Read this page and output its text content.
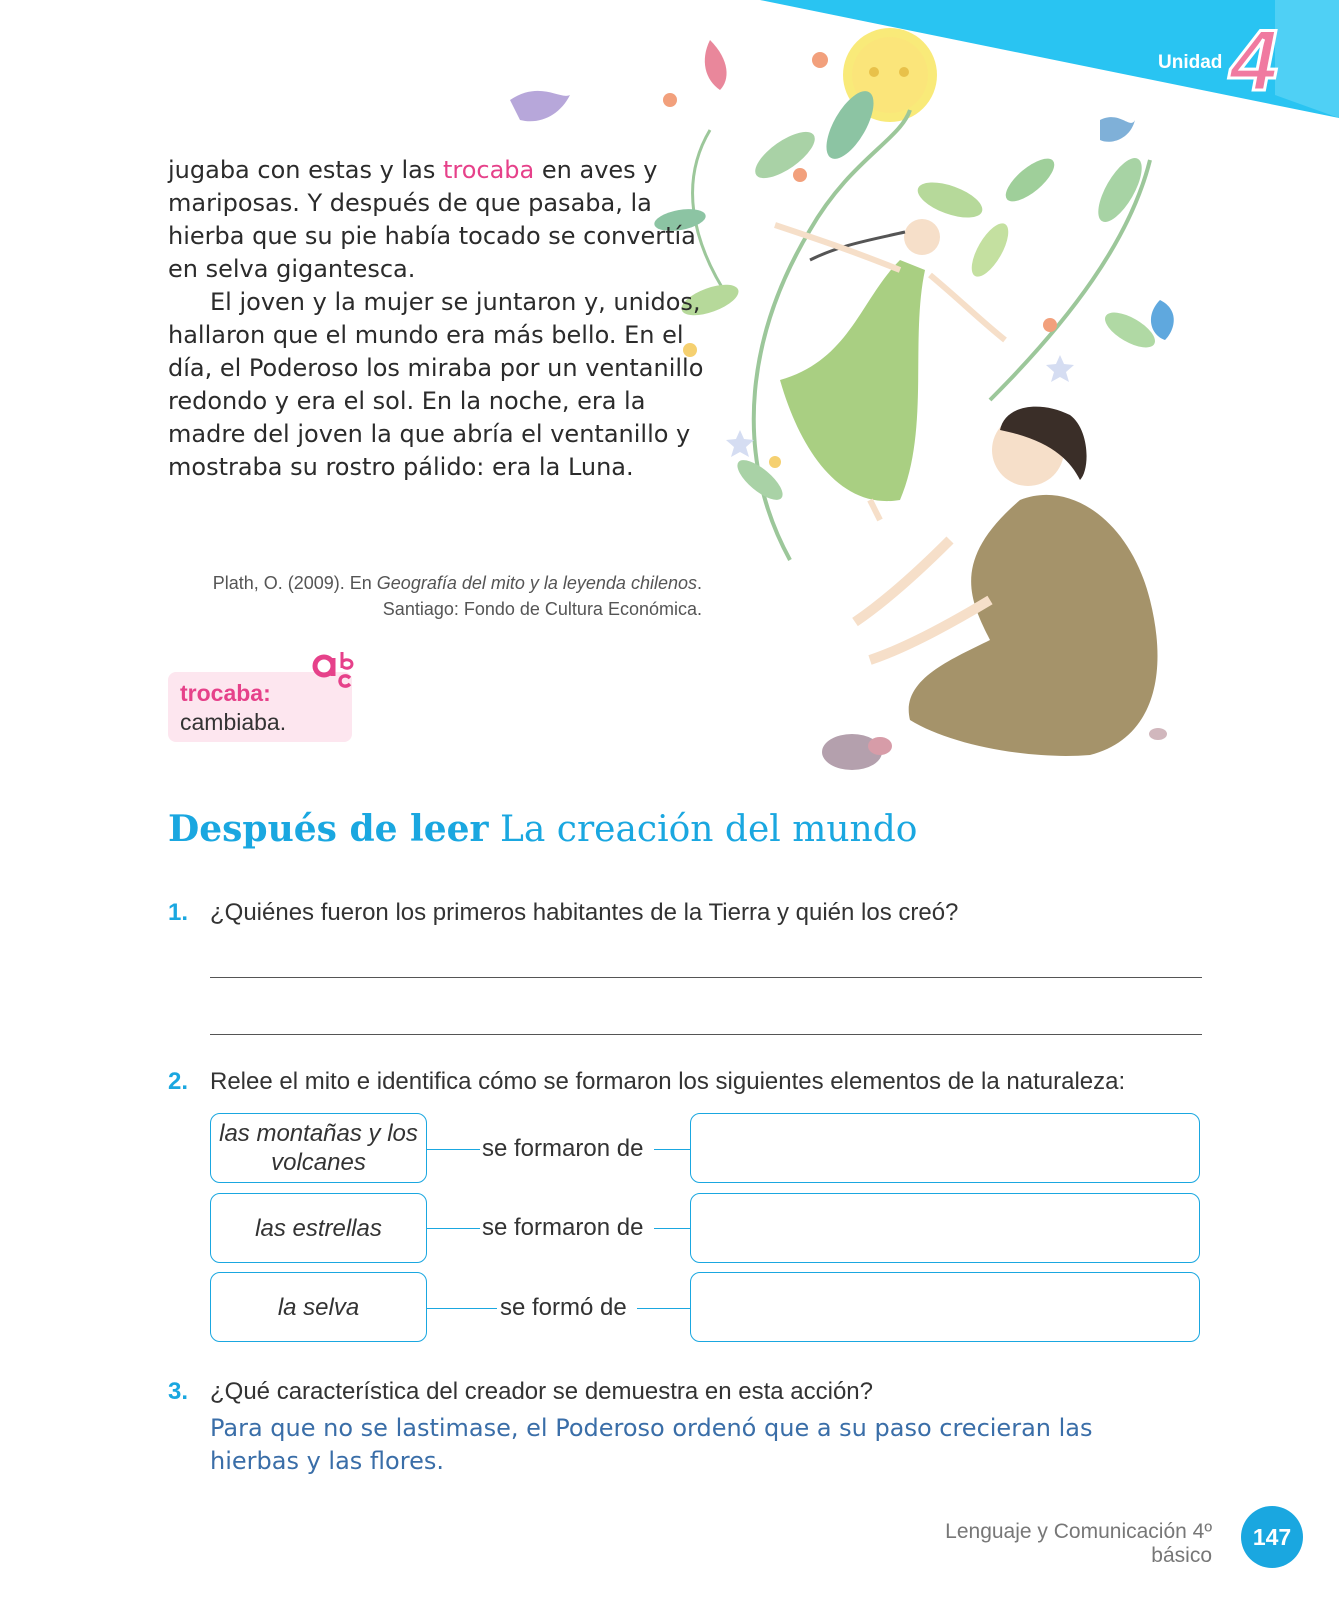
Unidad 4

jugaba con estas y las trocaba en aves y mariposas. Y después de que pasaba, la hierba que su pie había tocado se convertía en selva gigantesca.

El joven y la mujer se juntaron y, unidos, hallaron que el mundo era más bello. En el día, el Poderoso los miraba por un ventanillo redondo y era el sol. En la noche, era la madre del joven la que abría el ventanillo y mostraba su rostro pálido: era la Luna.

Plath, O. (2009). En Geografía del mito y la leyenda chilenos.
Santiago: Fondo de Cultura Económica.
trocaba:
cambiaba.
Después de leer La creación del mundo
1. ¿Quiénes fueron los primeros habitantes de la Tierra y quién los creó?
2. Relee el mito e identifica cómo se formaron los siguientes elementos de la naturaleza:
las montañas y los volcanes
se formaron de
las estrellas	se formaron de
la selva	se formó de
3. ¿Qué característica del creador se demuestra en esta acción?
Para que no se lastimase, el Poderoso ordenó que a su paso crecieran las hierbas y las flores.
Lenguaje y Comunicación 4º básico
147
